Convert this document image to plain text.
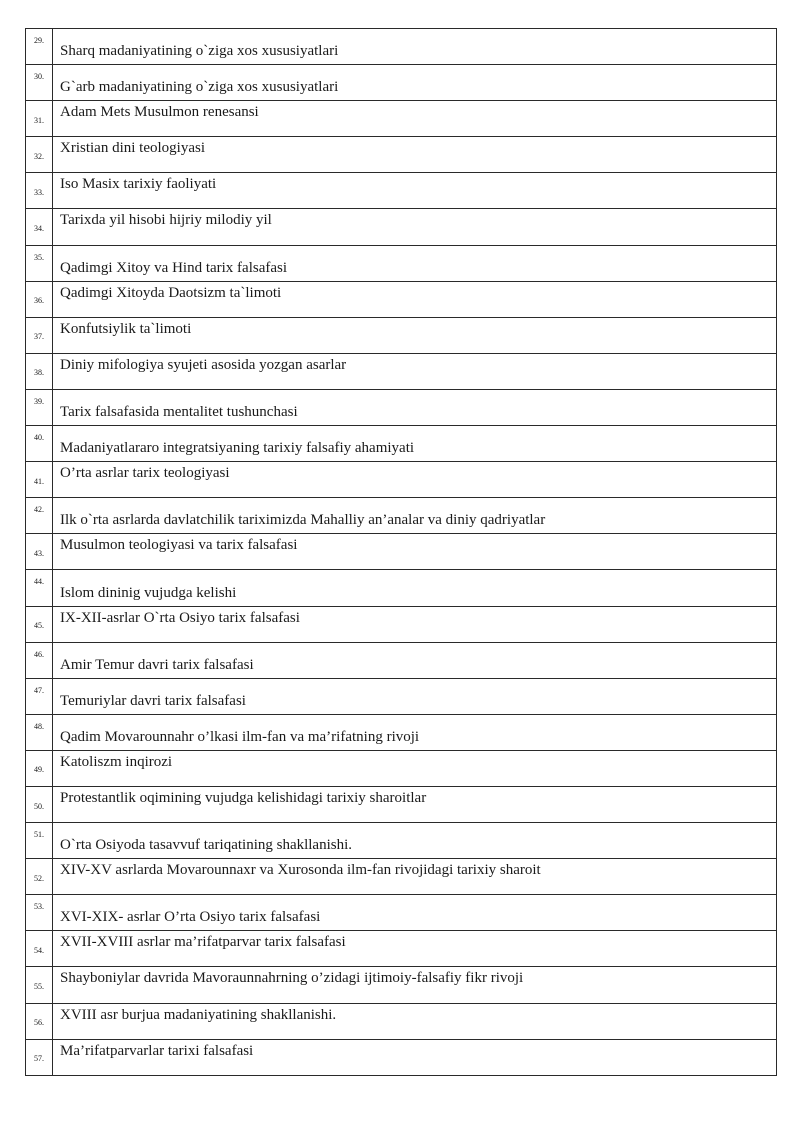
29.	Sharq madaniyatining o`ziga xos xususiyatlari
30.	G`arb madaniyatining o`ziga xos xususiyatlari
31.	Adam Mets Musulmon renesansi
32.	Xristian dini teologiyasi
33.	Iso Masix tarixiy faoliyati
34.	Tarixda yil hisobi hijriy milodiy yil
35.	Qadimgi Xitoy va Hind tarix falsafasi
36.	Qadimgi Xitoyda Daotsizm ta`limoti
37.	Konfutsiylik ta`limoti
38.	Diniy mifologiya syujeti asosida yozgan asarlar
39.	Tarix falsafasida mentalitet tushunchasi
40.	Madaniyatlararo integratsiyaning tarixiy falsafiy ahamiyati
41.	O’rta asrlar tarix teologiyasi
42.	Ilk o`rta asrlarda davlatchilik tariximizda Mahalliy an’analar va diniy qadriyatlar
43.	Musulmon teologiyasi va tarix falsafasi
44.	Islom dininig vujudga kelishi
45.	IX-XII-asrlar O`rta Osiyo tarix falsafasi
46.	Amir Temur davri tarix falsafasi
47.	Temuriylar davri tarix falsafasi
48.	Qadim Movarounnahr o’lkasi ilm-fan va ma’rifatning rivoji
49.	Katoliszm inqirozi
50.	Protestantlik oqimining vujudga kelishidagi tarixiy sharoitlar
51.	O`rta Osiyoda tasavvuf tariqatining shakllanishi.
52.	XIV-XV asrlarda Movarounnaxr va Xurosonda ilm-fan rivojidagi tarixiy sharoit
53.	XVI-XIX- asrlar O’rta Osiyo tarix falsafasi
54.	XVII-XVIII asrlar ma’rifatparvar tarix falsafasi
55.	Shayboniylar davrida Mavoraunnahrning o’zidagi ijtimoiy-falsafiy fikr rivoji
56.	XVIII asr burjua madaniyatining shakllanishi.
57.	Ma’rifatparvarlar tarixi falsafasi
